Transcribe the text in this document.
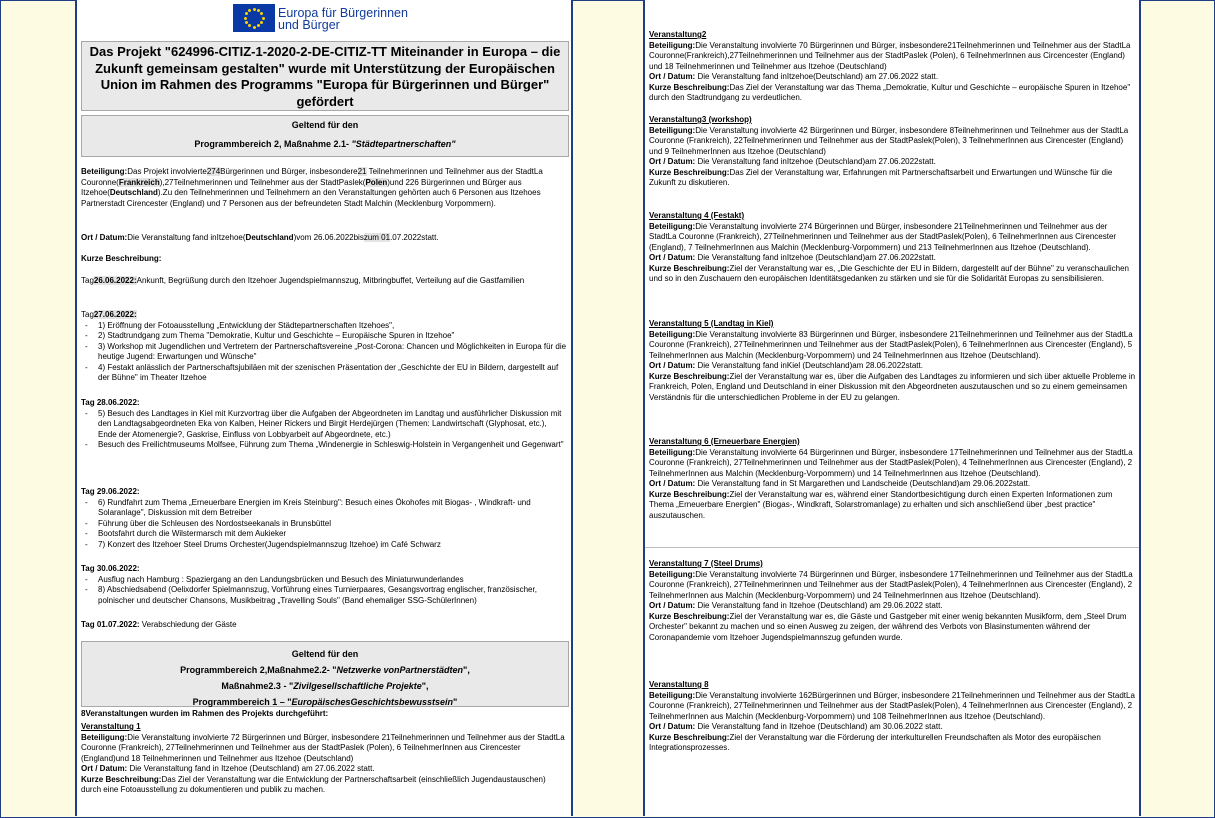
Europa für Bürgerinnen und Bürger
Das Projekt "624996-CITIZ-1-2020-2-DE-CITIZ-TT Miteinander in Europa – die Zukunft gemeinsam gestalten" wurde mit Unterstützung der Europäischen Union im Rahmen des Programms "Europa für Bürgerinnen und Bürger" gefördert
Geltend für den
Programmbereich 2, Maßnahme 2.1- "Städtepartnerschaften"
Beteiligung:Das Projekt involvierte274Bürgerinnen und Bürger, insbesondere21 Teilnehmerinnen und Teilnehmer aus der StadtLa Couronne(Frankreich),27Teilnehmerinnen und Teilnehmer aus der StadtPaslek(Polen)und 226 Bürgerinnen und Bürger aus Itzehoe(Deutschland).Zu den Teilnehmerinnen und Teilnehmern an den Veranstaltungen gehörten auch 6 Personen aus Itzehoes Partnerstadt Cirencester (England) und 7 Personen aus der befreundeten Stadt Malchin (Mecklenburg Vorpommern).
Ort / Datum:Die Veranstaltung fand inItzehoe(Deutschland)vom 26.06.2022biszum 01.07.2022statt.
Kurze Beschreibung:
Tag26.06.2022:Ankunft, Begrüßung durch den Itzehoer Jugendspielmannszug, Mitbringbuffet, Verteilung auf die Gastfamilien
Tag27.06.2022:
- 1) Eröffnung der Fotoausstellung „Entwicklung der Städtepartnerschaften Itzehoes",
- 2) Stadtrundgang zum Thema "Demokratie, Kultur und Geschichte – Europäische Spuren in Itzehoe"
- 3) Workshop mit Jugendlichen und Vertretern der Partnerschaftsvereine „Post-Corona: Chancen und Möglichkeiten in Europa für die heutige Jugend: Erwartungen und Wünsche"
- 4) Festakt anlässlich der Partnerschaftsjubiläen mit der szenischen Präsentation der „Geschichte der EU in Bildern, dargestellt auf der Bühne" im Theater Itzehoe
Tag 28.06.2022:
- 5) Besuch des Landtages in Kiel mit Kurzvortrag über die Aufgaben der Abgeordneten im Landtag und ausführlicher Diskussion mit den Landtagsabgeordneten Eka von Kalben, Heiner Rickers und Birgit Herdejürgen (Themen: Landwirtschaft (Glyphosat, etc.), Ende der Atomenergie?, Gaskrise, Einfluss von Lobbyarbeit auf Abgeordnete, etc.)
- Besuch des Freilichtmuseums Molfsee, Führung zum Thema „Windenergie in Schleswig-Holstein in Vergangenheit und Gegenwart"
Tag 29.06.2022:
- 6) Rundfahrt zum Thema „Erneuerbare Energien im Kreis Steinburg": Besuch eines Ökohofes mit Biogas- , Windkraft- und Solaranlage", Diskussion mit dem Betreiber
- Führung über die Schleusen des Nordostseekanals in Brunsbüttel
- Bootsfahrt durch die Wilstermarsch mit dem Aukieker
- 7) Konzert des Itzehoer Steel Drums Orchester(Jugendspielmannszug Itzehoe) im Café Schwarz
Tag 30.06.2022:
- Ausflug nach Hamburg : Spaziergang an den Landungsbrücken und Besuch des Miniaturwunderlandes
- 8) Abschiedsabend (Oelixdorfer Spielmannszug, Vorführung eines Turnierpaares, Gesangsvortrag englischer, französischer, polnischer und deutscher Chansons, Musikbeitrag „Travelling Souls" (Band ehemaliger SSG-SchülerInnen)
Tag 01.07.2022: Verabschiedung der Gäste
Geltend für den
Programmbereich 2,Maßnahme2.2- "Netzwerke vonPartnerstädten",
Maßnahme2.3 - "Zivilgesellschaftliche Projekte",
Programmbereich 1 – "EuropäischesGeschichtsbewusstsein"
8Veranstaltungen wurden im Rahmen des Projekts durchgeführt:
Veranstaltung 1
Beteiligung:Die Veranstaltung involvierte 72 Bürgerinnen und Bürger, insbesondere 21Teilnehmerinnen und Teilnehmer aus der StadtLa Couronne (Frankreich), 27Teilnehmerinnen und Teilnehmer aus der StadtPaslek (Polen), 6 TeilnehmerInnen aus Cirencester (England)und 18 Teilnehmerinnen und Teilnehmer aus Itzehoe (Deutschland)
Ort / Datum: Die Veranstaltung fand in Itzehoe (Deutschland) am 27.06.2022 statt.
Kurze Beschreibung:Das Ziel der Veranstaltung war die Entwicklung der Partnerschaftsarbeit (einschließlich Jugendaustauschen) durch eine Fotoausstellung zu dokumentieren und publik zu machen.
Veranstaltung2
Beteiligung:Die Veranstaltung involvierte 70 Bürgerinnen und Bürger, insbesondere21Teilnehmerinnen und Teilnehmer aus der StadtLa Couronne(Frankreich),27Teilnehmerinnen und Teilnehmer aus der StadtPaslek (Polen), 6 TeilnehmerInnen aus Circencester (England) und 18 Teilnehmerinnen und Teilnehmer aus Itzehoe (Deutschland)
Ort / Datum: Die Veranstaltung fand inItzehoe(Deutschland) am 27.06.2022 statt.
Kurze Beschreibung:Das Ziel der Veranstaltung war das Thema „Demokratie, Kultur und Geschichte – europäische Spuren in Itzehoe" durch den Stadtrundgang zu verdeutlichen.
Veranstaltung3 (workshop)
Beteiligung:Die Veranstaltung involvierte 42 Bürgerinnen und Bürger, insbesondere 8Teilnehmerinnen und Teilnehmer aus der StadtLa Couronne (Frankreich), 22Teilnehmerinnen und Teilnehmer aus der StadtPaslek(Polen), 3 TeilnehmerInnen aus Cirencester (England) und 9 TeilnehmerInnen aus Itzehoe (Deutschland)
Ort / Datum: Die Veranstaltung fand inItzehoe (Deutschland)am 27.06.2022statt.
Kurze Beschreibung:Das Ziel der Veranstaltung war, Erfahrungen mit Partnerschaftsarbeit und Erwartungen und Wünsche für die Zukunft zu diskutieren.
Veranstaltung 4 (Festakt)
Beteiligung:Die Veranstaltung involvierte 274 Bürgerinnen und Bürger, insbesondere 21Teilnehmerinnen und Teilnehmer aus der StadtLa Couronne (Frankreich), 27Teilnehmerinnen und Teilnehmer aus der StadtPaslek(Polen), 6 TeilnehmerInnen aus Cirencester (England), 7 TeilnehmerInnen aus Malchin (Mecklenburg-Vorpommern) und 213 TeilnehmerInnen aus Itzehoe (Deutschland).
Ort / Datum: Die Veranstaltung fand inItzehoe (Deutschland)am 27.06.2022statt.
Kurze Beschreibung:Ziel der Veranstaltung war es, „Die Geschichte der EU in Bildern, dargestellt auf der Bühne" zu veranschaulichen und so in den Zuschauern den europäischen Identitätsgedanken zu stärken und sie für die Solidarität Europas zu sensibilisieren.
Veranstaltung 5 (Landtag in Kiel)
Beteiligung:Die Veranstaltung involvierte 83 Bürgerinnen und Bürger, insbesondere 21Teilnehmerinnen und Teilnehmer aus der StadtLa Couronne (Frankreich), 27Teilnehmerinnen und Teilnehmer aus der StadtPaslek(Polen), 6 TeilnehmerInnen aus Cirencester (England), 5 TeilnehmerInnen aus Malchin (Mecklenburg-Vorpommern) und 24 TeilnehmerInnen aus Itzehoe (Deutschland).
Ort / Datum: Die Veranstaltung fand inKiel (Deutschland)am 28.06.2022statt.
Kurze Beschreibung:Ziel der Veranstaltung war es, über die Aufgaben des Landtages zu informieren und sich über aktuelle Probleme in Frankreich, Polen, England und Deutschland in einer Diskussion mit den Abgeordneten auszutauschen und so zu einem gemeinsamen Verständnis für die unterschiedlichen Probleme in der EU zu gelangen.
Veranstaltung 6 (Erneuerbare Energien)
Beteiligung:Die Veranstaltung involvierte 64 Bürgerinnen und Bürger, insbesondere 17Teilnehmerinnen und Teilnehmer aus der StadtLa Couronne (Frankreich), 27Teilnehmerinnen und Teilnehmer aus der StadtPaslek(Polen), 4 TeilnehmerInnen aus Cirencester (England), 2 TeilnehmerInnen aus Malchin (Mecklenburg-Vorpommern) und 14 TeilnehmerInnen aus Itzehoe (Deutschland).
Ort / Datum: Die Veranstaltung fand in St Margarethen und Landscheide (Deutschland)am 29.06.2022statt.
Kurze Beschreibung:Ziel der Veranstaltung war es, während einer Standortbesichtigung durch einen Experten Informationen zum Thema „Erneuerbare Energien" (Biogas-, Windkraft, Solarstromanlage) zu erhalten und sich anschließend über „best practice" auszutauschen.
Veranstaltung 7 (Steel Drums)
Beteiligung:Die Veranstaltung involvierte 74 Bürgerinnen und Bürger, insbesondere 17Teilnehmerinnen und Teilnehmer aus der StadtLa Couronne (Frankreich), 27Teilnehmerinnen und Teilnehmer aus der StadtPaslek(Polen), 4 TeilnehmerInnen aus Cirencester (England), 2 TeilnehmerInnen aus Malchin (Mecklenburg-Vorpommern) und 24 TeilnehmerInnen aus Itzehoe (Deutschland).
Ort / Datum: Die Veranstaltung fand in Itzehoe (Deutschland) am 29.06.2022 statt.
Kurze Beschreibung:Ziel der Veranstaltung war es, die Gäste und Gastgeber mit einer wenig bekannten Musikform, dem „Steel Drum Orchester" bekannt zu machen und so einen Ausweg zu zeigen, der während des Verbots von Blasinstumenten während der Coronapandemie vom Itzehoer Jugendspielmannszug gefunden wurde.
Veranstaltung 8
Beteiligung:Die Veranstaltung involvierte 162Bürgerinnen und Bürger, insbesondere 21Teilnehmerinnen und Teilnehmer aus der StadtLa Couronne (Frankreich), 27Teilnehmerinnen und Teilnehmer aus der StadtPaslek(Polen), 4 TeilnehmerInnen aus Cirencester (England), 2 TeilnehmerInnen aus Malchin (Mecklenburg-Vorpommern) und 108 TeilnehmerInnen aus Itzehoe (Deutschland).
Ort / Datum: Die Veranstaltung fand in Itzehoe (Deutschland) am 30.06.2022 statt.
Kurze Beschreibung:Ziel der Veranstaltung war die Förderung der interkulturellen Freundschaften als Motor des europäischen Integrationsprozesses.
